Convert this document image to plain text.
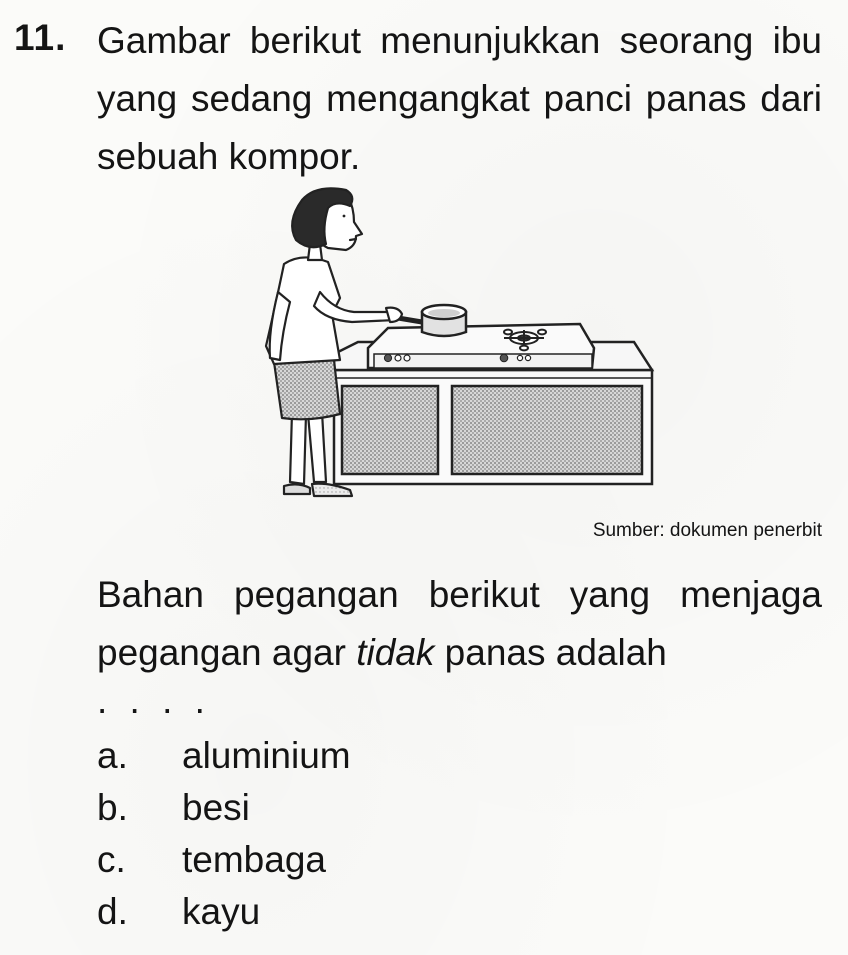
11. Gambar berikut menunjukkan seorang ibu yang sedang mengangkat panci panas dari sebuah kompor.

Sumber: dokumen penerbit

Bahan pegangan berikut yang menjaga pegangan agar tidak panas adalah

. . . .
a.	aluminium
b.	besi
c.	tembaga
d.	kayu
